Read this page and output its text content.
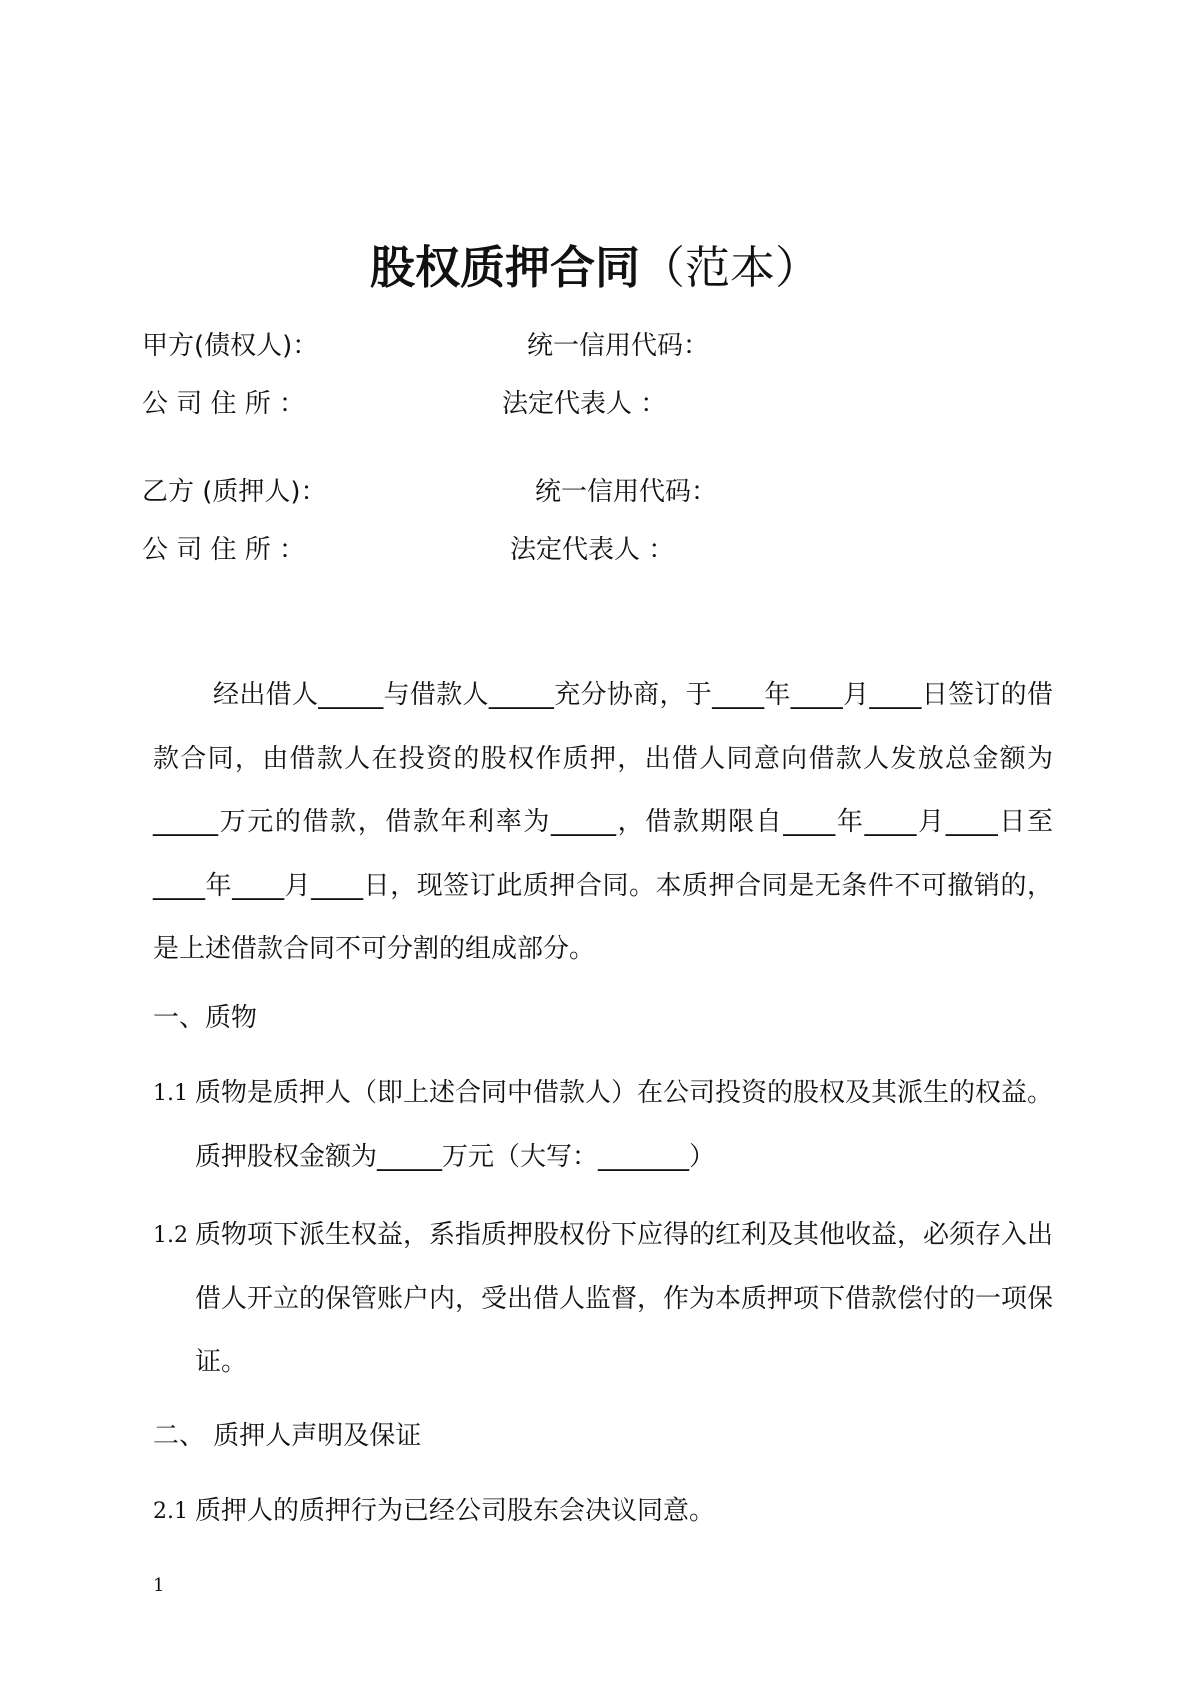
股权质押合同（范本）
甲方(债权人)：	统一信用代码：
公 司 住 所 ：	法定代表人 ：
乙方 (质押人)：	统一信用代码：
公 司 住 所 ：	法定代表人 ：

经出借人_____与借款人_____充分协商，于____年____月____日签订的借款合同，由借款人在投资的股权作质押，出借人同意向借款人发放总金额为_____万元的借款，借款年利率为_____，借款期限自____年____月____日至____年____月____日，现签订此质押合同。本质押合同是无条件不可撤销的，是上述借款合同不可分割的组成部分。

一、质物
1.1 质物是质押人（即上述合同中借款人）在公司投资的股权及其派生的权益。质押股权金额为_____万元（大写：_______）
1.2 质物项下派生权益，系指质押股权份下应得的红利及其他收益，必须存入出借人开立的保管账户内，受出借人监督，作为本质押项下借款偿付的一项保证。
二、 质押人声明及保证
2.1 质押人的质押行为已经公司股东会决议同意。
1
